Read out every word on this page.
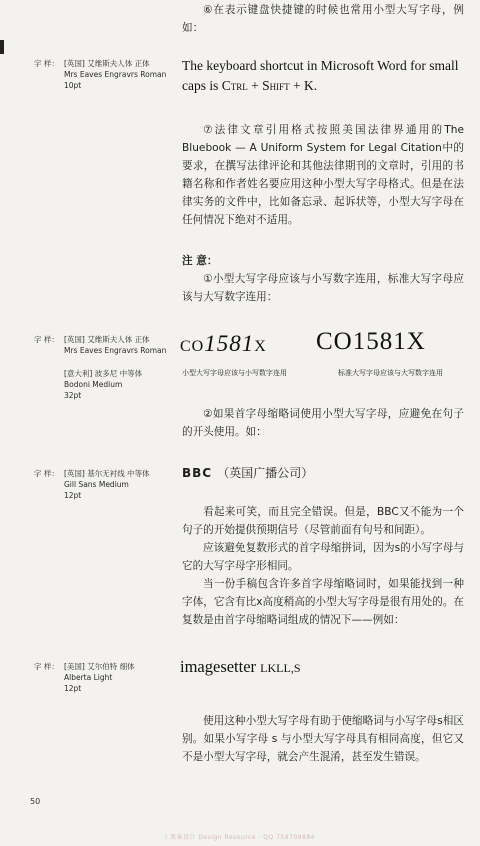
⑥在表示键盘快捷键的时候也常用小型大写字母，例如：

字 样： [英国] 艾维斯夫人体 正体
Mrs Eaves Engravrs Roman
10pt
The keyboard shortcut in Microsoft Word for small caps is Ctrl + Shift + K.

⑦法律文章引用格式按照美国法律界通用的The Bluebook — A Uniform System for Legal Citation中的要求，在撰写法律评论和其他法律期刊的文章时，引用的书籍名称和作者姓名要应用这种小型大写字母格式。但是在法律实务的文件中，比如备忘录、起诉状等，小型大写字母在任何情况下绝对不适用。

注 意：

①小型大写字母应该与小写数字连用，标准大写字母应该与大写数字连用：

字 样： [英国] 艾维斯夫人体 正体
Mrs Eaves Engravrs Roman
[意大利] 波多尼 中等体
Bodoni Medium
32pt
co1581x CO1581X
小型大写字母应该与小写数字连用	标准大写字母应该与大写数字连用

②如果首字母缩略词使用小型大写字母，应避免在句子的开头使用。如：

字 样： [英国] 基尔无衬线 中等体
Gill Sans Medium
12pt
BBC （英国广播公司）

看起来可笑，而且完全错误。但是，BBC又不能为一个句子的开始提供预期信号（尽管前面有句号和间距）。

应该避免复数形式的首字母缩拼词，因为s的小写字母与它的大写字母字形相同。

当一份手稿包含许多首字母缩略词时，如果能找到一种字体，它含有比x高度稍高的小型大写字母是很有用处的。在复数是由首字母缩略词组成的情况下——例如：

字 样： [美国] 艾尔伯特 细体
Alberta Light
12pt
imagesetter LKLL,S

使用这种小型大写字母有助于使缩略词与小写字母s相区别。如果小写字母 s 与小型大写字母具有相同高度，但它又不是小型大写字母，就会产生混淆，甚至发生错误。

50
| 黑客设计 Design Resource · QQ 758709884
